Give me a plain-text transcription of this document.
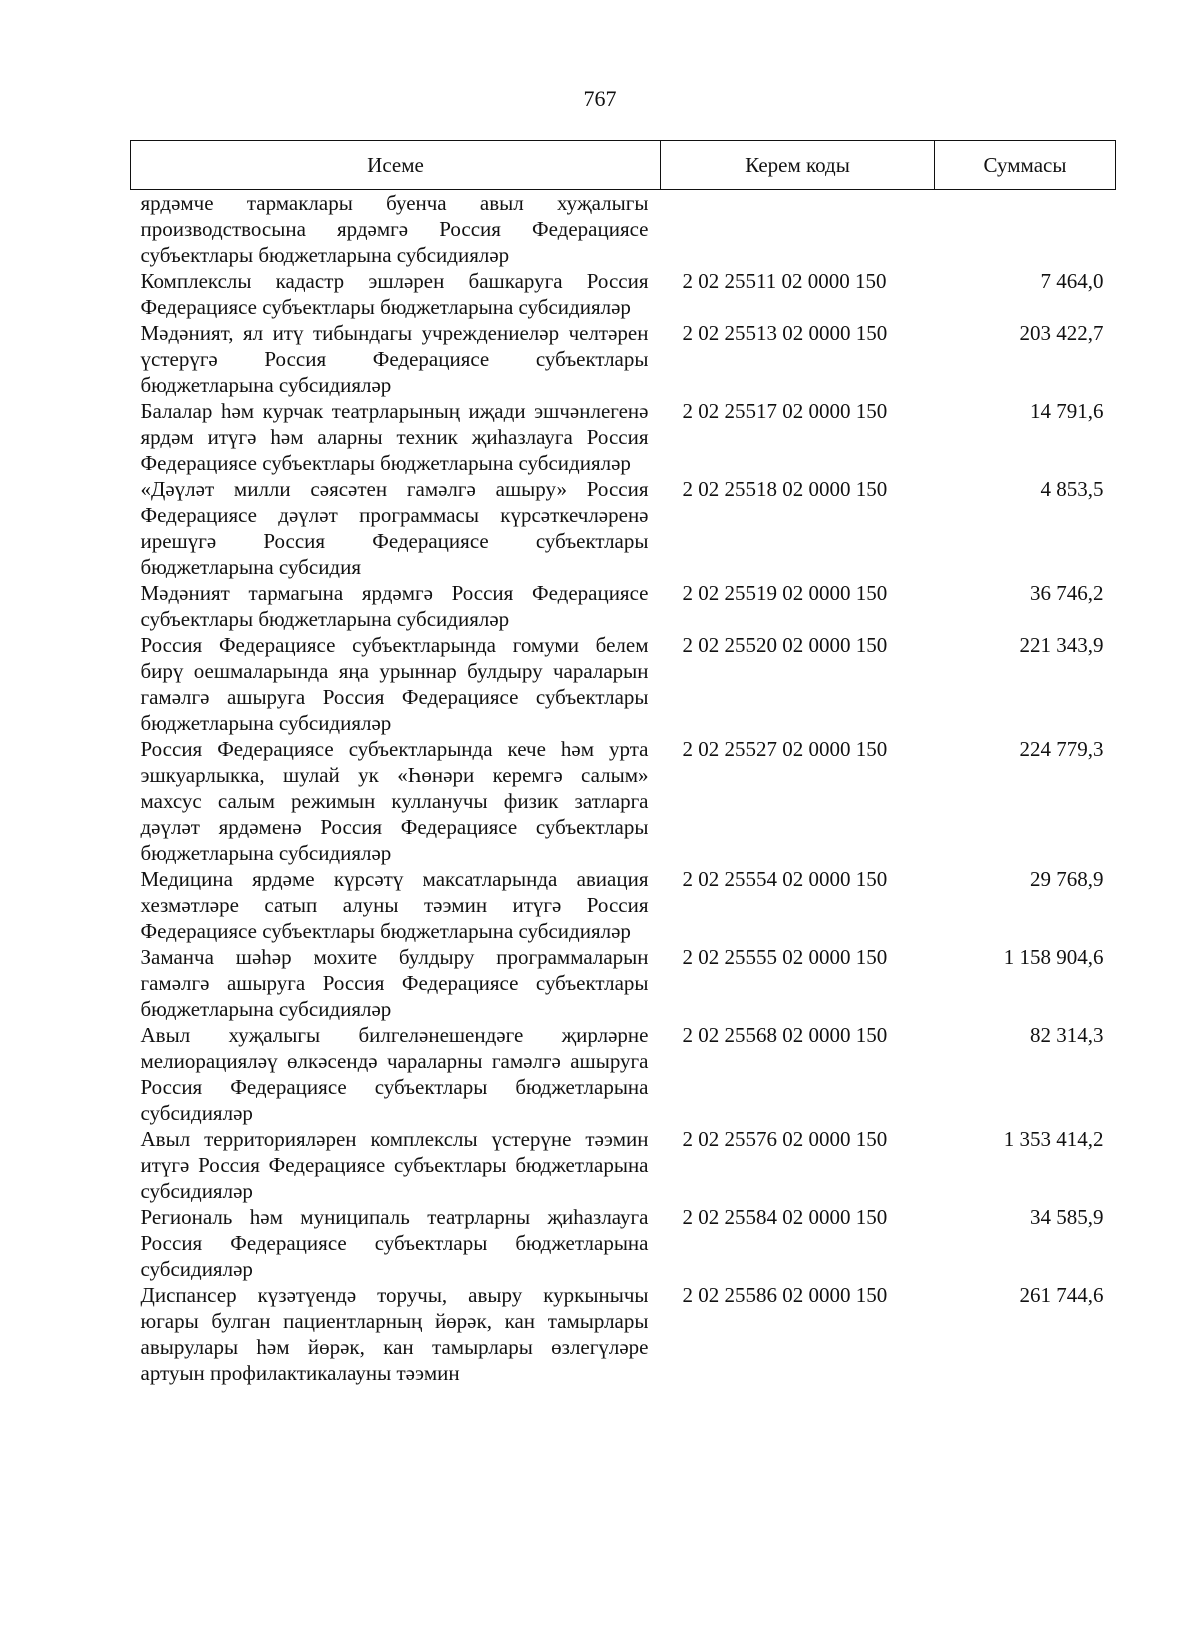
767
Исеме	Керем коды	Суммасы
ярдәмче тармаклары буенча авыл хуҗалыгы производствосына ярдәмгә Россия Федерациясе субъектлары бюджетларына субсидияләр		
Комплекслы кадастр эшләрен башкаруга Россия Федерациясе субъектлары бюджетларына субсидияләр	2 02 25511 02 0000 150	7 464,0
Мәдәният, ял итү тибындагы учреждениеләр челтәрен үстерүгә Россия Федерациясе субъектлары бюджетларына субсидияләр	2 02 25513 02 0000 150	203 422,7
Балалар һәм курчак театрларының иҗади эшчәнлегенә ярдәм итүгә һәм аларны техник җиһазлауга Россия Федерациясе субъектлары бюджетларына субсидияләр	2 02 25517 02 0000 150	14 791,6
«Дәүләт милли сәясәтен гамәлгә ашыру» Россия Федерациясе дәүләт программасы күрсәткечләренә ирешүгә Россия Федерациясе субъектлары бюджетларына субсидия	2 02 25518 02 0000 150	4 853,5
Мәдәният тармагына ярдәмгә Россия Федерациясе субъектлары бюджетларына субсидияләр	2 02 25519 02 0000 150	36 746,2
Россия Федерациясе субъектларында гомуми белем бирү оешмаларында яңа урыннар булдыру чараларын гамәлгә ашыруга Россия Федерациясе субъектлары бюджетларына субсидияләр	2 02 25520 02 0000 150	221 343,9
Россия Федерациясе субъектларында кече һәм урта эшкуарлыкка, шулай ук «Һөнәри керемгә салым» махсус салым режимын кулланучы физик затларга дәүләт ярдәменә Россия Федерациясе субъектлары бюджетларына субсидияләр	2 02 25527 02 0000 150	224 779,3
Медицина ярдәме күрсәтү максатларында авиация хезмәтләре сатып алуны тәэмин итүгә Россия Федерациясе субъектлары бюджетларына субсидияләр	2 02 25554 02 0000 150	29 768,9
Заманча шәһәр мохите булдыру программаларын гамәлгә ашыруга Россия Федерациясе субъектлары бюджетларына субсидияләр	2 02 25555 02 0000 150	1 158 904,6
Авыл хуҗалыгы билгеләнешендәге җирләрне мелиорацияләү өлкәсендә чараларны гамәлгә ашыруга Россия Федерациясе субъектлары бюджетларына субсидияләр	2 02 25568 02 0000 150	82 314,3
Авыл территорияләрен комплекслы үстерүне тәэмин итүгә Россия Федерациясе субъектлары бюджетларына субсидияләр	2 02 25576 02 0000 150	1 353 414,2
Региональ һәм муниципаль театрларны җиһазлауга Россия Федерациясе субъектлары бюджетларына субсидияләр	2 02 25584 02 0000 150	34 585,9
Диспансер күзәтүендә торучы, авыру куркынычы югары булган пациентларның йөрәк, кан тамырлары авырулары һәм йөрәк, кан тамырлары өзлегүләре артуын профилактикалауны тәэмин	2 02 25586 02 0000 150	261 744,6
